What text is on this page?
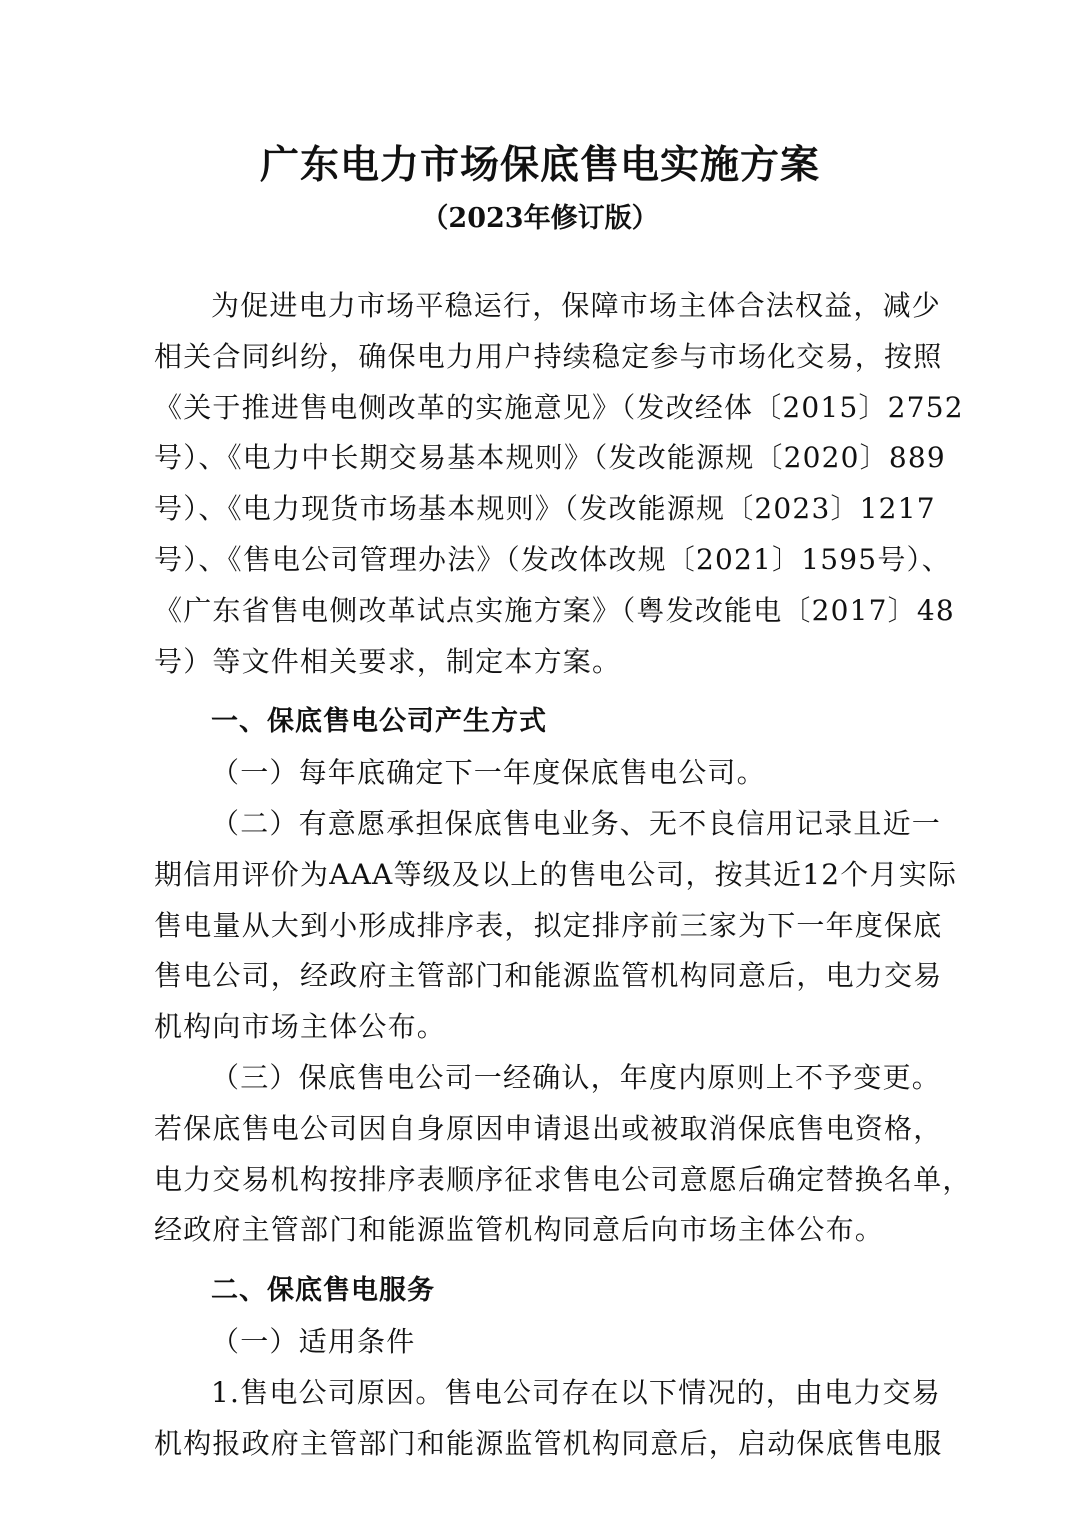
广东电力市场保底售电实施方案
（2023年修订版）
为促进电力市场平稳运行，保障市场主体合法权益，减少
相关合同纠纷，确保电力用户持续稳定参与市场化交易，按照
《关于推进售电侧改革的实施意见》（发改经体〔2015〕2752
号）、《电力中长期交易基本规则》（发改能源规〔2020〕889
号）、《电力现货市场基本规则》（发改能源规〔2023〕1217
号）、《售电公司管理办法》（发改体改规〔2021〕1595号）、
《广东省售电侧改革试点实施方案》（粤发改能电〔2017〕48
号）等文件相关要求，制定本方案。
一、保底售电公司产生方式
（一）每年底确定下一年度保底售电公司。
（二）有意愿承担保底售电业务、无不良信用记录且近一
期信用评价为AAA等级及以上的售电公司，按其近12个月实际
售电量从大到小形成排序表，拟定排序前三家为下一年度保底
售电公司，经政府主管部门和能源监管机构同意后，电力交易
机构向市场主体公布。
（三）保底售电公司一经确认，年度内原则上不予变更。
若保底售电公司因自身原因申请退出或被取消保底售电资格，
电力交易机构按排序表顺序征求售电公司意愿后确定替换名单，
经政府主管部门和能源监管机构同意后向市场主体公布。
二、保底售电服务
（一）适用条件
1.售电公司原因。售电公司存在以下情况的，由电力交易
机构报政府主管部门和能源监管机构同意后，启动保底售电服
